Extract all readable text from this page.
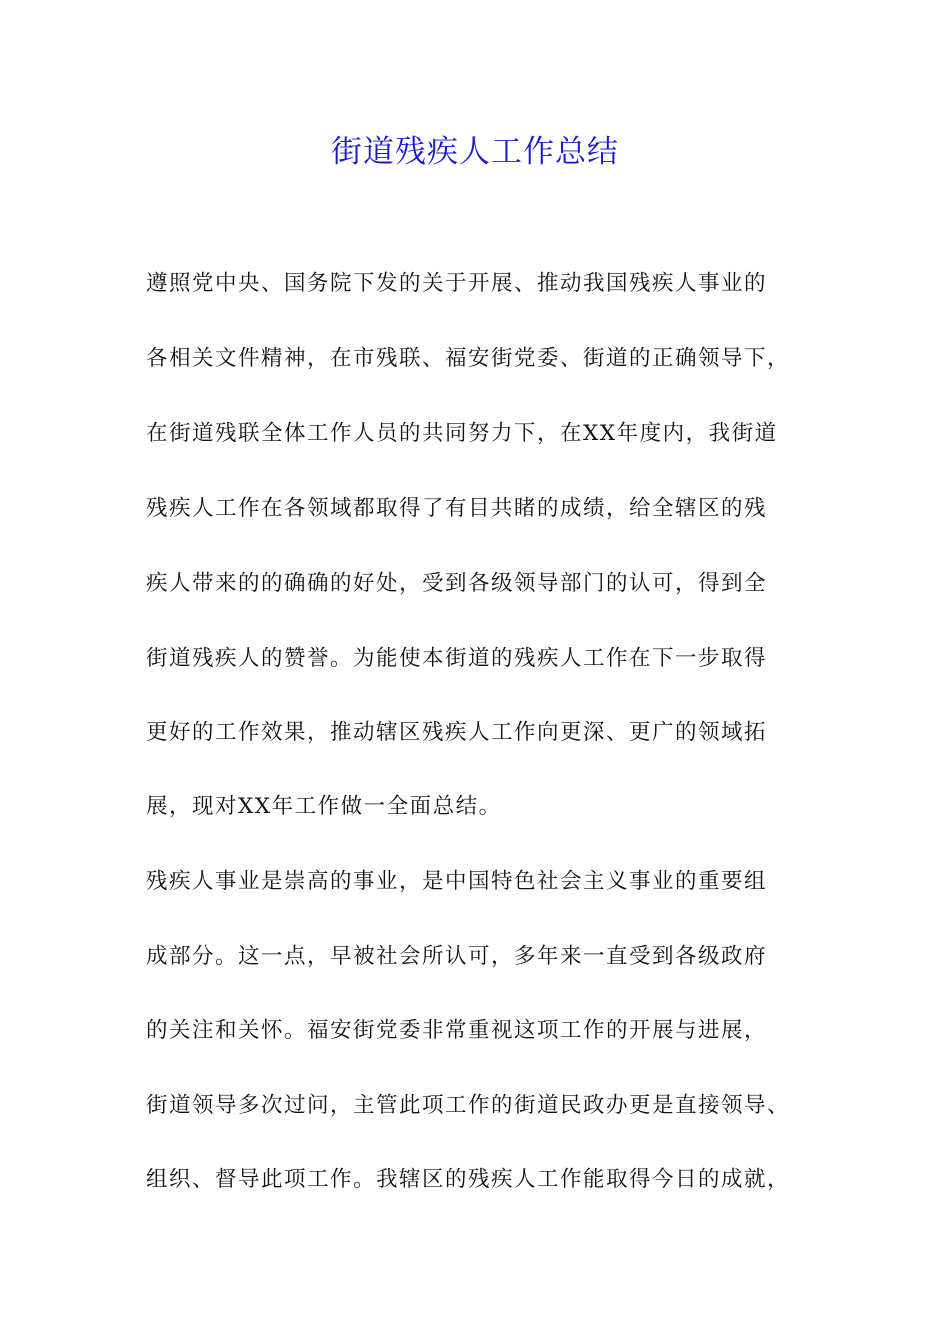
街道残疾人工作总结
遵照党中央、国务院下发的关于开展、推动我国残疾人事业的
各相关文件精神，在市残联、福安街党委、街道的正确领导下，
在街道残联全体工作人员的共同努力下，在XX年度内，我街道
残疾人工作在各领域都取得了有目共睹的成绩，给全辖区的残
疾人带来的的确确的好处，受到各级领导部门的认可，得到全
街道残疾人的赞誉。为能使本街道的残疾人工作在下一步取得
更好的工作效果，推动辖区残疾人工作向更深、更广的领域拓
展，现对XX年工作做一全面总结。
残疾人事业是崇高的事业，是中国特色社会主义事业的重要组
成部分。这一点，早被社会所认可，多年来一直受到各级政府
的关注和关怀。福安街党委非常重视这项工作的开展与进展，
街道领导多次过问，主管此项工作的街道民政办更是直接领导、
组织、督导此项工作。我辖区的残疾人工作能取得今日的成就，
